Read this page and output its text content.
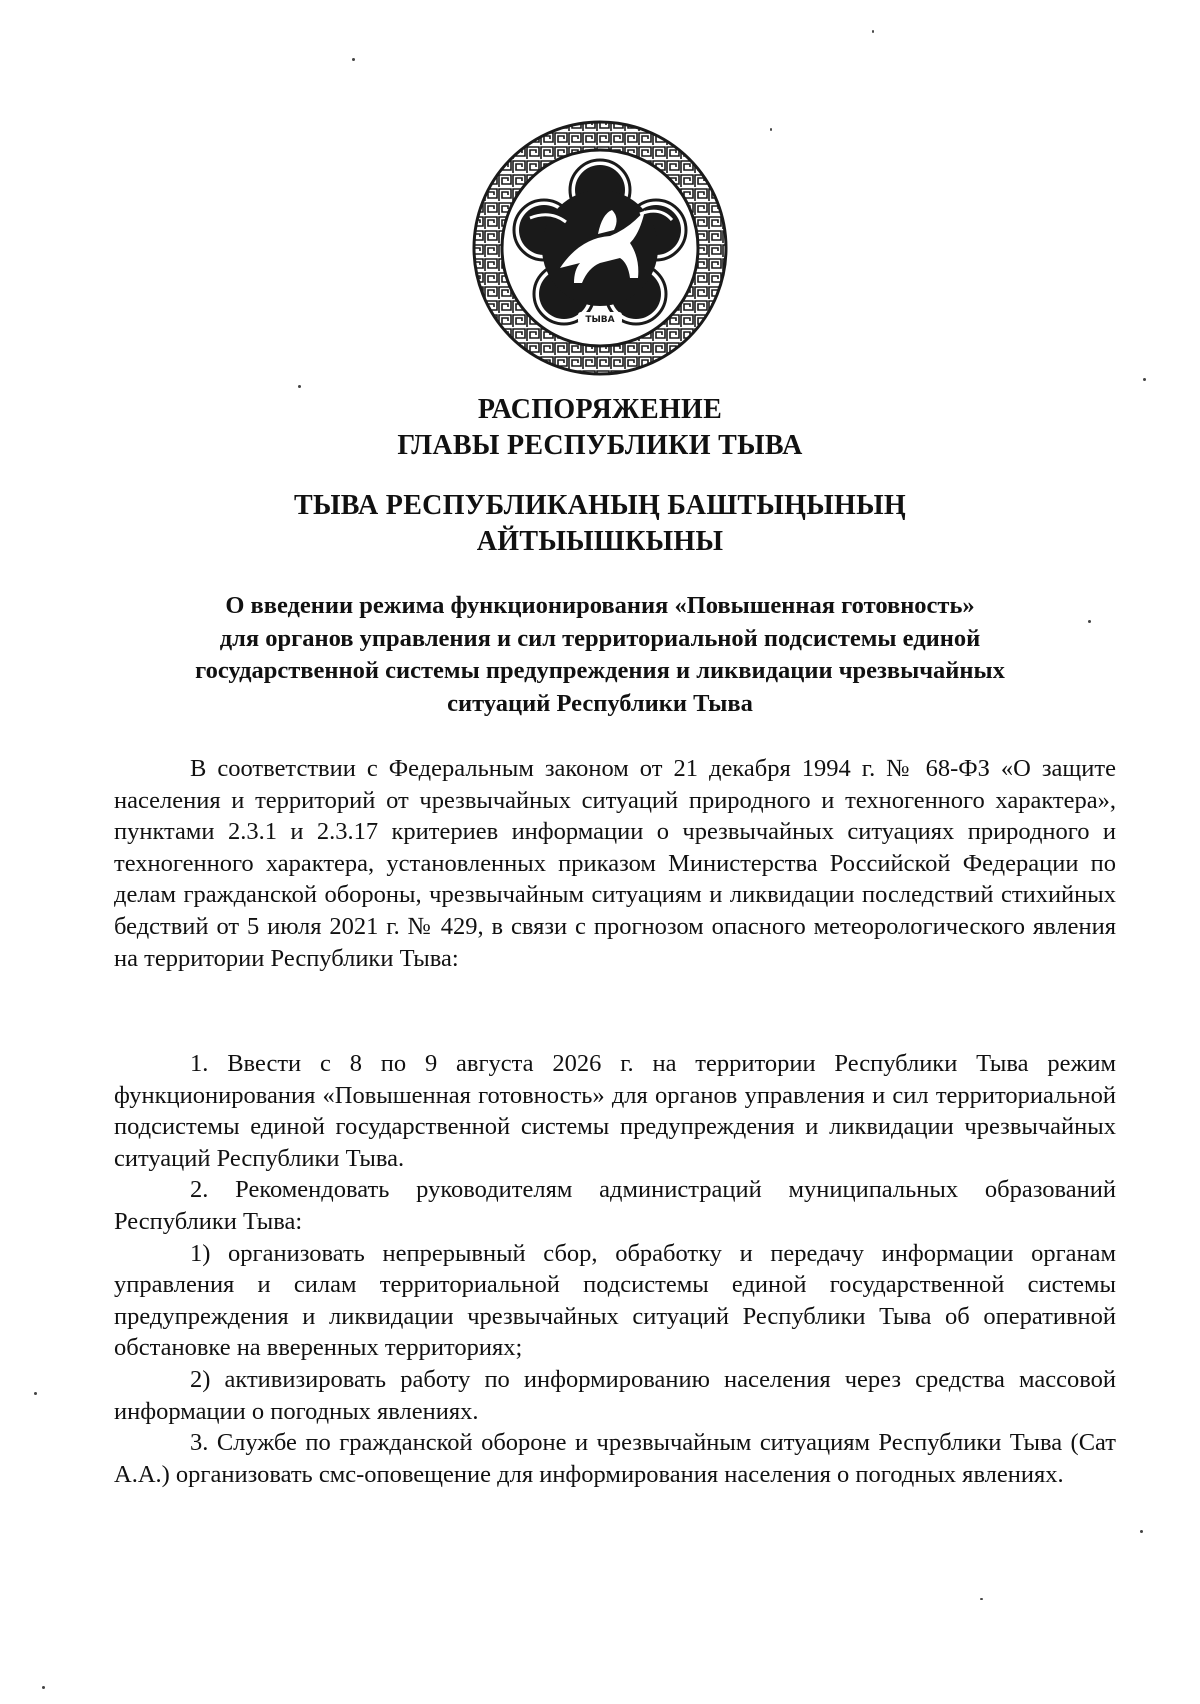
ТЫВА
РАСПОРЯЖЕНИЕ
ГЛАВЫ РЕСПУБЛИКИ ТЫВА
ТЫВА РЕСПУБЛИКАНЫҢ БАШТЫҢЫНЫҢ
АЙТЫЫШКЫНЫ
О введении режима функционирования «Повышенная готовность»
для органов управления и сил территориальной подсистемы единой
государственной системы предупреждения и ликвидации чрезвычайных
ситуаций Республики Тыва

В соответствии с Федеральным законом от 21 декабря 1994 г. № 68-ФЗ «О защите населения и территорий от чрезвычайных ситуаций природного и техногенного характера», пунктами 2.3.1 и 2.3.17 критериев информации о чрезвычайных ситуациях природного и техногенного характера, установленных приказом Министерства Российской Федерации по делам гражданской обороны, чрезвычайным ситуациям и ликвидации последствий стихийных бедствий от 5 июля 2021 г. № 429, в связи с прогнозом опасного метеорологического явления на территории Республики Тыва:

1. Ввести с 8 по 9 августа 2026 г. на территории Республики Тыва режим функционирования «Повышенная готовность» для органов управления и сил территориальной подсистемы единой государственной системы предупреждения и ликвидации чрезвычайных ситуаций Республики Тыва.

2. Рекомендовать руководителям администраций муниципальных образований Республики Тыва:

1) организовать непрерывный сбор, обработку и передачу информации органам управления и силам территориальной подсистемы единой государственной системы предупреждения и ликвидации чрезвычайных ситуаций Республики Тыва об оперативной обстановке на вверенных территориях;

2) активизировать работу по информированию населения через средства массовой информации о погодных явлениях.

3. Службе по гражданской обороне и чрезвычайным ситуациям Республики Тыва (Сат А.А.) организовать смс-оповещение для информирования населения о погодных явлениях.
